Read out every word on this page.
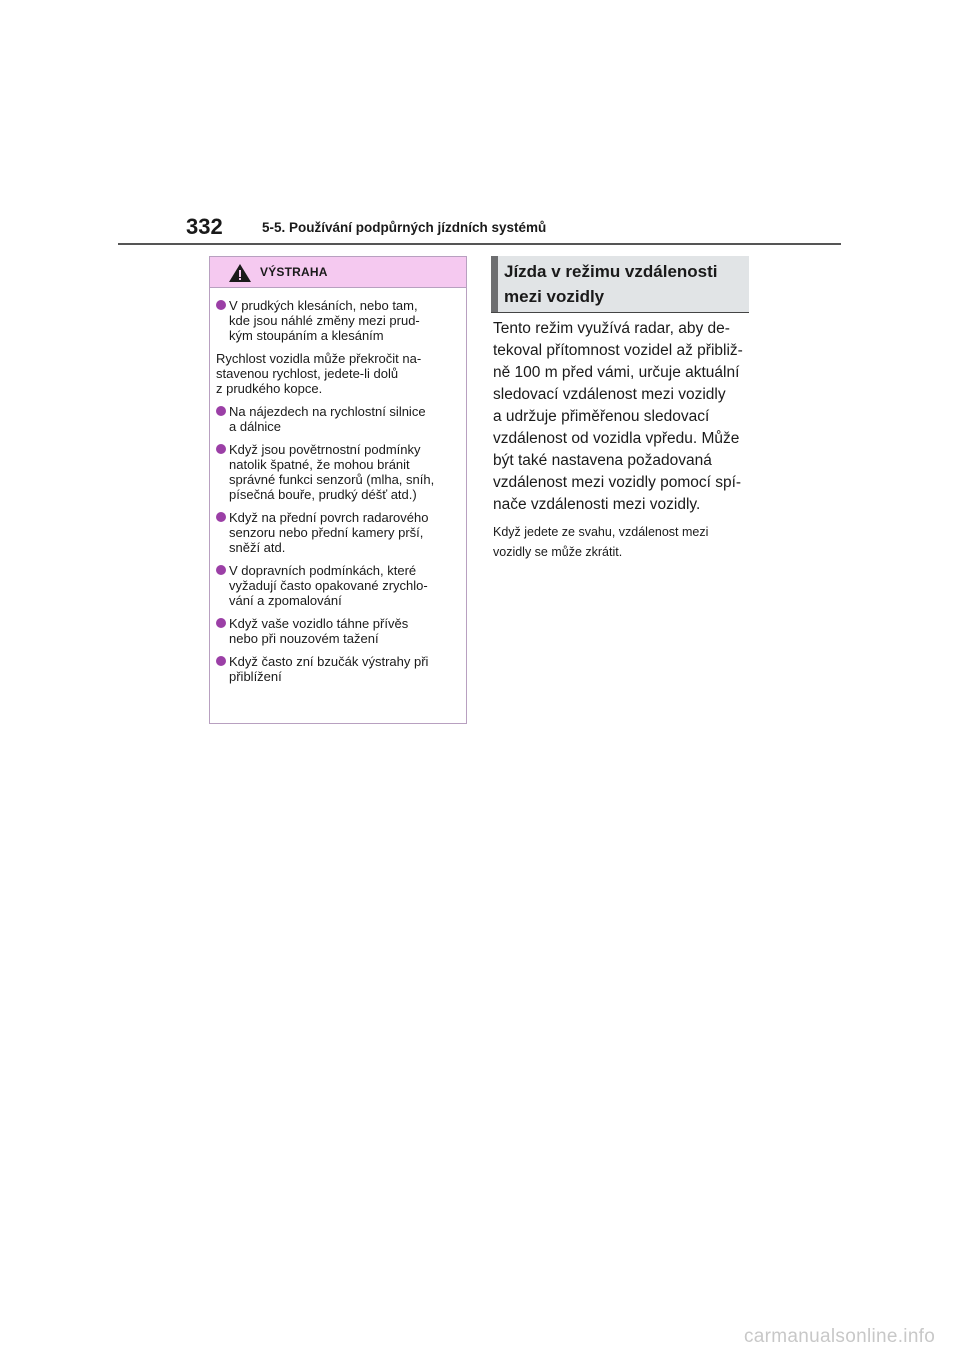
332	5-5. Používání podpůrných jízdních systémů
VÝSTRAHA
V prudkých klesáních, nebo tam,
kde jsou náhlé změny mezi prud-
kým stoupáním a klesáním
Rychlost vozidla může překročit na-
stavenou rychlost, jedete-li dolů
z prudkého kopce.
Na nájezdech na rychlostní silnice
a dálnice
Když jsou povětrnostní podmínky
natolik špatné, že mohou bránit
správné funkci senzorů (mlha, sníh,
písečná bouře, prudký déšť atd.)
Když na přední povrch radarového
senzoru nebo přední kamery prší,
sněží atd.
V dopravních podmínkách, které
vyžadují často opakované zrychlo-
vání a zpomalování
Když vaše vozidlo táhne přívěs
nebo při nouzovém tažení
Když často zní bzučák výstrahy při
přiblížení
Jízda v režimu vzdálenosti
mezi vozidly
Tento režim využívá radar, aby de-
tekoval přítomnost vozidel až přibliž-
ně 100 m před vámi, určuje aktuální
sledovací vzdálenost mezi vozidly
a udržuje přiměřenou sledovací
vzdálenost od vozidla vpředu. Může
být také nastavena požadovaná
vzdálenost mezi vozidly pomocí spí-
nače vzdálenosti mezi vozidly.
Když jedete ze svahu, vzdálenost mezi
vozidly se může zkrátit.
carmanualsonline.info
